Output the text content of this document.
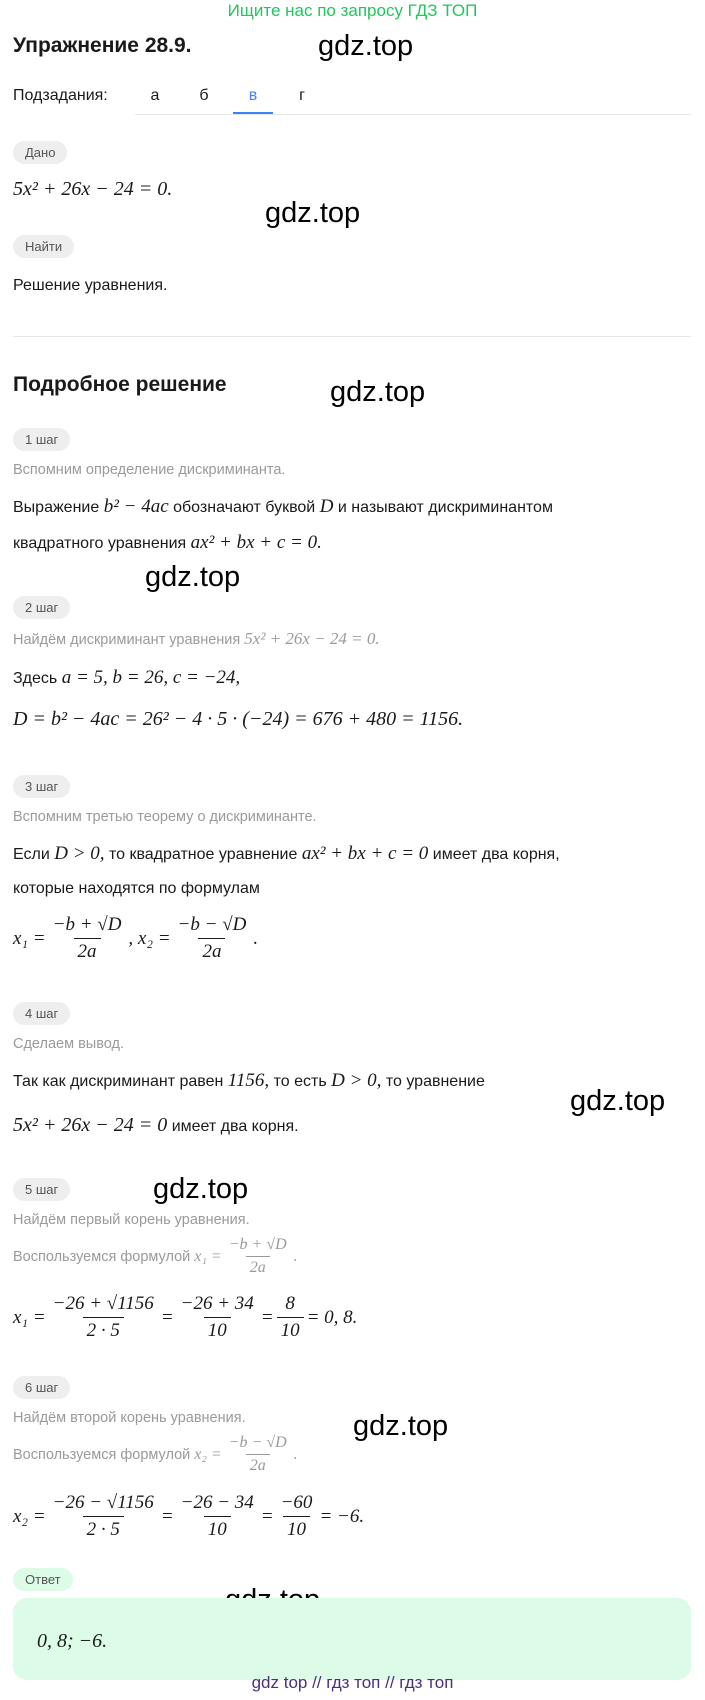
Ищите нас по запросу ГДЗ ТОП
Упражнение 28.9.	gdz.top
gdz.top
gdz.top
gdz.top
gdz.top
gdz.top
gdz.top
Подзадания:	а	б	в	г
Дано
5x² + 26x − 24 = 0.
Найти
Решение уравнения.
Подробное решение
1 шаг
Вспомним определение дискриминанта.
Выражение b² − 4ac обозначают буквой D и называют дискриминантом
квадратного уравнения ax² + bx + c = 0.
2 шаг
Найдём дискриминант уравнения 5x² + 26x − 24 = 0.
Здесь a = 5, b = 26, c = −24,
D = b² − 4ac = 26² − 4 · 5 · (−24) = 676 + 480 = 1156.
3 шаг
Вспомним третью теорему о дискриминанте.
Если D > 0, то квадратное уравнение ax² + bx + c = 0 имеет два корня,
которые находятся по формулам
$x_1 = \frac{-b + √D}{2a}$ , $x_2 = \frac{-b - √D}{2a}$ .
4 шаг
Сделаем вывод.
Так как дискриминант равен 1156, то есть D > 0, то уравнение
5x² + 26x − 24 = 0 имеет два корня.
5 шаг
Найдём первый корень уравнения.
Воспользуемся формулой $x_1 = \frac{-b + √D}{2a}$ .
$x_1 = \frac{-26 + √1156}{2 \cdot 5} = \frac{-26 + 34}{10} = \frac{8}{10} = 0$, 8.
6 шаг
Найдём второй корень уравнения.
Воспользуемся формулой $x_2 = \frac{-b - √D}{2a}$ .
$x_2 = \frac{-26 - √1156}{2 \cdot 5} = \frac{-26 - 34}{10} = \frac{-60}{10} = -6$.
Ответ
0, 8; −6.
gdz top // гдз топ // гдз топ
